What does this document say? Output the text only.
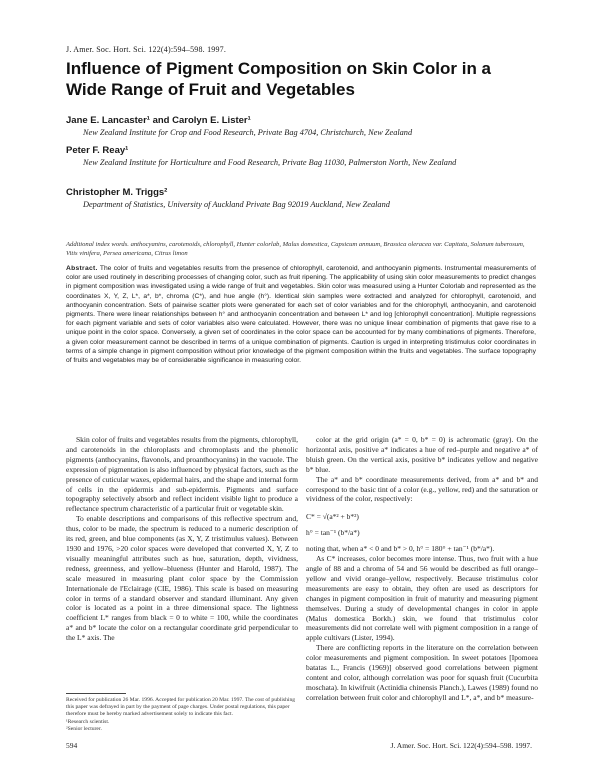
J. Amer. Soc. Hort. Sci. 122(4):594–598. 1997.
Influence of Pigment Composition on Skin Color in a Wide Range of Fruit and Vegetables
Jane E. Lancaster¹ and Carolyn E. Lister¹
New Zealand Institute for Crop and Food Research, Private Bag 4704, Christchurch, New Zealand
Peter F. Reay¹
New Zealand Institute for Horticulture and Food Research, Private Bag 11030, Palmerston North, New Zealand
Christopher M. Triggs²
Department of Statistics, University of Auckland Private Bag 92019 Auckland, New Zealand
Additional index words. anthocyanins, carotenoids, chlorophyll, Hunter colorlab, Malus domestica, Capsicum annuum, Brassica oleracea var. Capitata, Solanum tuberosum, Vitis vinifera, Persea americana, Citrus limon
Abstract. The color of fruits and vegetables results from the presence of chlorophyll, carotenoid, and anthocyanin pigments. Instrumental measurements of color are used routinely in describing processes of changing color, such as fruit ripening. The applicability of using skin color measurements to predict changes in pigment composition was investigated using a wide range of fruit and vegetables. Skin color was measured using a Hunter Colorlab and represented as the coordinates X, Y, Z, L*, a*, b*, chroma (C*), and hue angle (h°). Identical skin samples were extracted and analyzed for chlorophyll, carotenoid, and anthocyanin concentration. Sets of pairwise scatter plots were generated for each set of color variables and for the chlorophyll, anthocyanin, and carotenoid pigments. There were linear relationships between h° and anthocyanin concentration and between L* and log [chlorophyll concentration]. Multiple regressions for each pigment variable and sets of color variables also were calculated. However, there was no unique linear combination of pigments that gave rise to a unique point in the color space. Conversely, a given set of coordinates in the color space can be accounted for by many combinations of pigments. Therefore, a given color measurement cannot be described in terms of a unique combination of pigments. Caution is urged in interpreting tristimulus color coordinates in terms of a simple change in pigment composition without prior knowledge of the pigment composition within the fruits and vegetables. The surface topography of fruits and vegetables may be of considerable significance in measuring color.

Skin color of fruits and vegetables results from the pigments, chlorophyll, and carotenoids in the chloroplasts and chromoplasts and the phenolic pigments (anthocyanins, flavonols, and proanthocyanins) in the vacuole. The expression of pigmentation is also influenced by physical factors, such as the presence of cuticular waxes, epidermal hairs, and the shape and internal form of cells in the epidermis and sub-epidermis. Pigments and surface topography selectively absorb and reflect incident visible light to produce a reflectance spectrum characteristic of a particular fruit or vegetable skin.

To enable descriptions and comparisons of this reflective spectrum and, thus, color to be made, the spectrum is reduced to a numeric description of its red, green, and blue components (as X, Y, Z tristimulus values). Between 1930 and 1976, >20 color spaces were developed that converted X, Y, Z to visually meaningful attributes such as hue, saturation, depth, vividness, redness, greenness, and yellow–blueness (Hunter and Harold, 1987). The scale measured in measuring plant color space by the Commission Internationale de l'Eclairage (CIE, 1986). This scale is based on measuring color in terms of a standard observer and standard illuminant. Any given color is located as a point in a three dimensional space. The lightness coefficient L* ranges from black = 0 to white = 100, while the coordinates a* and b* locate the color on a rectangular coordinate grid perpendicular to the L* axis. The

color at the grid origin (a* = 0, b* = 0) is achromatic (gray). On the horizontal axis, positive a* indicates a hue of red–purple and negative a* of bluish green. On the vertical axis, positive b* indicates yellow and negative b* blue.

The a* and b* coordinate measurements derived, from a* and b* and correspond to the basic tint of a color (e.g., yellow, red) and the saturation or vividness of the color, respectively:

C* = √(a*² + b*²)

h° = tan⁻¹ (b*/a*)

noting that, when a* < 0 and b* > 0, h° = 180° + tan⁻¹ (b*/a*).

As C* increases, color becomes more intense. Thus, two fruit with a hue angle of 88 and a chroma of 54 and 56 would be described as full orange–yellow and vivid orange–yellow, respectively. Because tristimulus color measurements are easy to obtain, they often are used as descriptors for changes in pigment composition in fruit of maturity and measuring pigment themselves. During a study of developmental changes in color in apple (Malus domestica Borkh.) skin, we found that tristimulus color measurements did not correlate well with pigment composition in a range of apple cultivars (Lister, 1994).

There are conflicting reports in the literature on the correlation between color measurements and pigment composition. In sweet potatoes [Ipomoea batatas L., Francis (1969)] observed good correlations between pigment content and color, although correlation was poor for squash fruit (Cucurbita moschata). In kiwifruit (Actinidia chinensis Planch.), Lawes (1989) found no correlation between fruit color and chlorophyll and L*, a*, and b* measure-

Received for publication 26 Mar. 1996. Accepted for publication 20 Mar. 1997. The cost of publishing this paper was defrayed in part by the payment of page charges. Under postal regulations, this paper therefore must be hereby marked advertisement solely to indicate this fact.
¹Research scientist.
²Senior lecturer.
594	J. Amer. Soc. Hort. Sci. 122(4):594–598. 1997.
